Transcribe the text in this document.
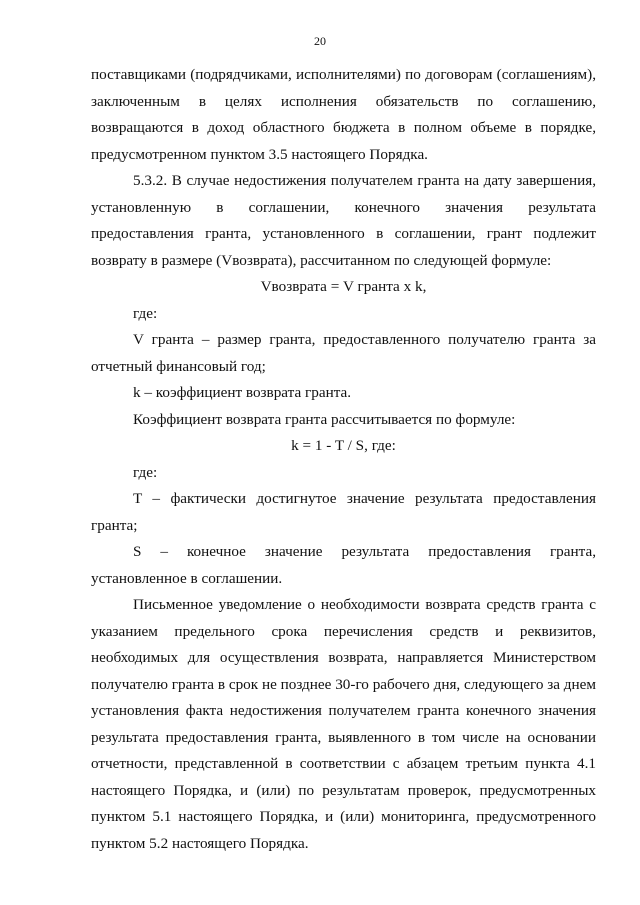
20
поставщиками (подрядчиками, исполнителями) по договорам (соглашениям),
заключенным в целях исполнения обязательств по соглашению,
возвращаются в доход областного бюджета в полном объеме в порядке,
предусмотренном пунктом 3.5 настоящего Порядка.
5.3.2. В случае недостижения получателем гранта на дату завершения,
установленную в соглашении, конечного значения результата
предоставления гранта, установленного в соглашении, грант подлежит
возврату в размере (Vвозврата), рассчитанном по следующей формуле:
Vвозврата = V гранта x k,
где:
V гранта – размер гранта, предоставленного получателю гранта за
отчетный финансовый год;
k – коэффициент возврата гранта.
Коэффициент возврата гранта рассчитывается по формуле:
k = 1 - T / S, где:
где:
T – фактически достигнутое значение результата предоставления
гранта;
S – конечное значение результата предоставления гранта,
установленное в соглашении.
Письменное уведомление о необходимости возврата средств гранта с
указанием предельного срока перечисления средств и реквизитов,
необходимых для осуществления возврата, направляется Министерством
получателю гранта в срок не позднее 30-го рабочего дня, следующего за днем
установления факта недостижения получателем гранта конечного значения
результата предоставления гранта, выявленного в том числе на основании
отчетности, представленной в соответствии с абзацем третьим пункта 4.1
настоящего Порядка, и (или) по результатам проверок, предусмотренных
пунктом 5.1 настоящего Порядка, и (или) мониторинга, предусмотренного
пунктом 5.2 настоящего Порядка.
